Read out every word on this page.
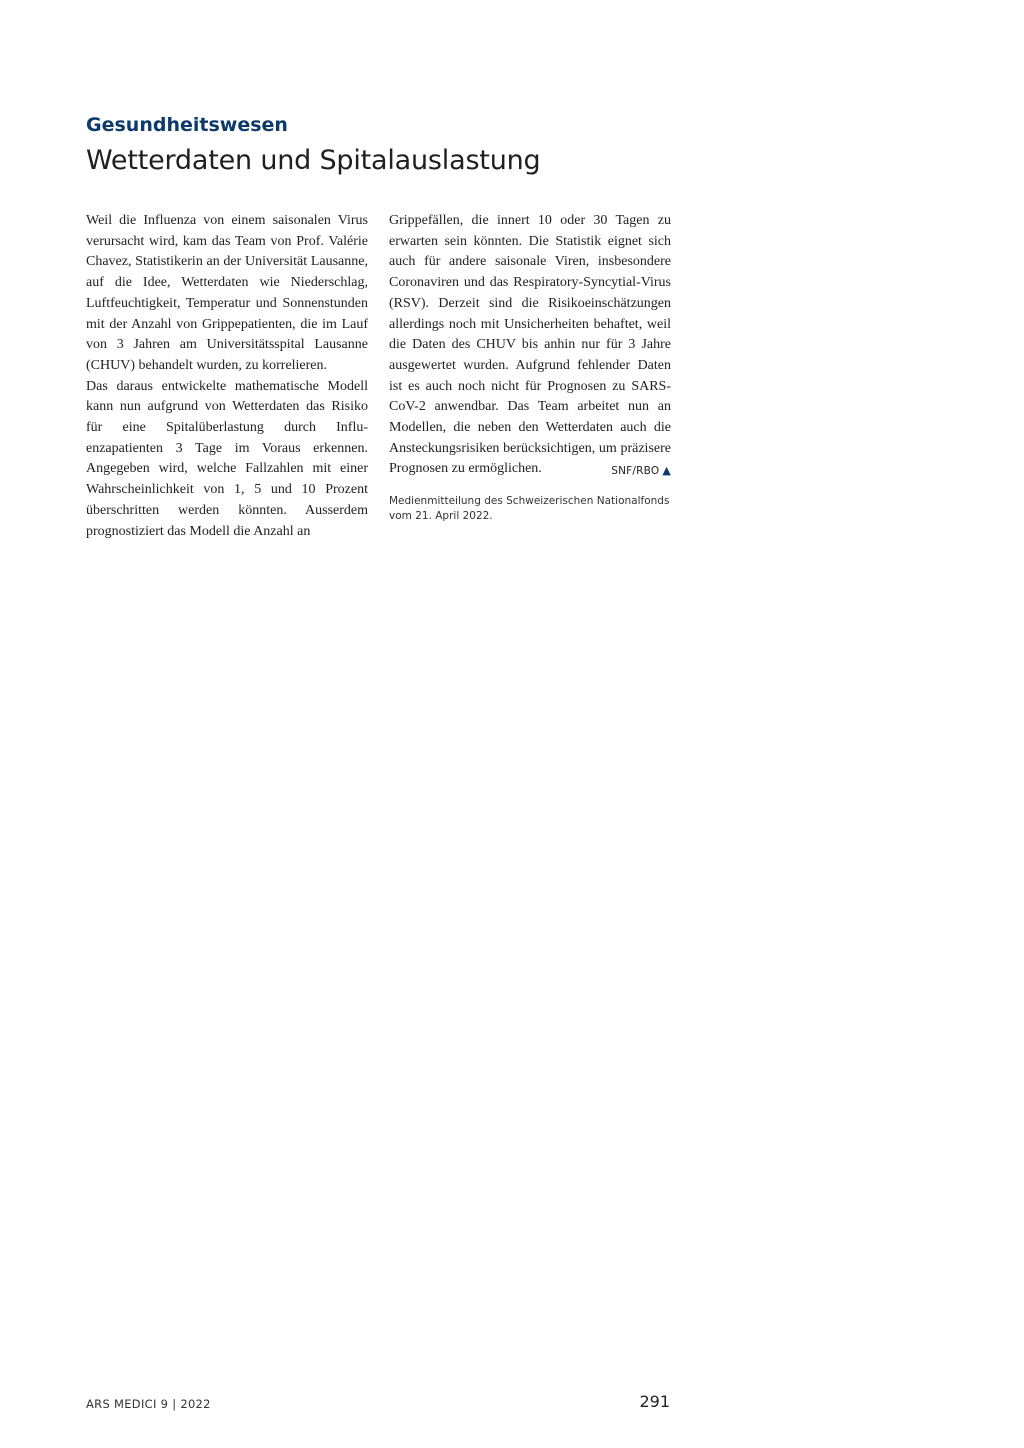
Gesundheitswesen

Wetterdaten und Spitalauslastung

Weil die Influenza von einem saisonalen Virus verursacht wird, kam das Team von Prof. Valérie Chavez, Statistikerin an der Universität Lausanne, auf die Idee, Wetterdaten wie Niederschlag, Luftfeuchtigkeit, Temperatur und Sonnenstunden mit der Anzahl von Grippepatienten, die im Lauf von 3 Jahren am Universitätsspital Lausanne (CHUV) behandelt wurden, zu korrelieren.

Das daraus entwickelte mathematische Modell kann nun aufgrund von Wetterdaten das Risiko für eine Spitalüberlastung durch Influenzapatienten 3 Tage im Voraus erkennen. Angegeben wird, welche Fallzahlen mit einer Wahrscheinlichkeit von 1, 5 und 10 Prozent überschritten werden könnten. Ausserdem prognostiziert das Modell die Anzahl an

Grippefällen, die innert 10 oder 30 Tagen zu erwarten sein könnten. Die Statistik eignet sich auch für andere saisonale Viren, insbesondere Coronaviren und das Respiratory-Syncytial-Virus (RSV). Derzeit sind die Risikoeinschätzungen allerdings noch mit Unsicherheiten behaftet, weil die Daten des CHUV bis anhin nur für 3 Jahre ausgewertet wurden. Aufgrund fehlender Daten ist es auch noch nicht für Prognosen zu SARS-CoV-2 anwendbar. Das Team arbeitet nun an Modellen, die neben den Wetterdaten auch die Ansteckungsrisiken berücksichtigen, um präzisere Prognosen zu ermöglichen.	SNF/RBO ▲

Medienmitteilung des Schweizerischen Nationalfonds vom 21. April 2022.

ARS MEDICI 9 | 2022	291
